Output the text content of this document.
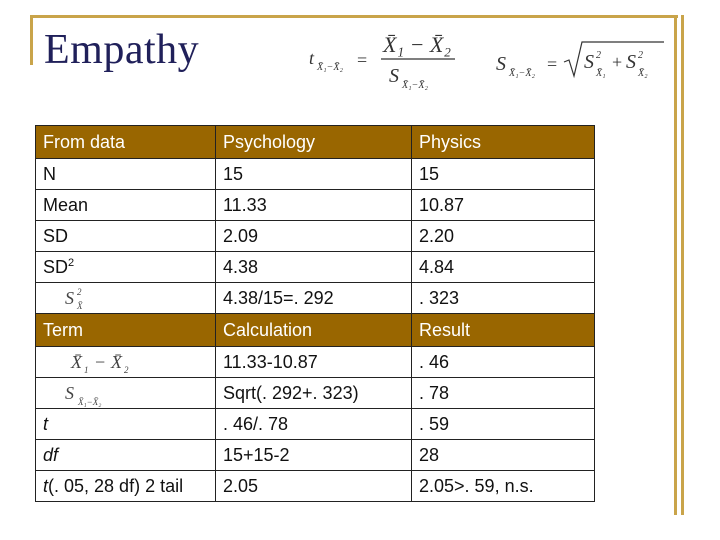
Empathy	t X̄₁−X̄₂ =
X̄₁ − X̄₂
S X̄₁−X̄₂
S X̄₁−X̄₂ = S 2
X̄₁
+ S 2
X̄₂
From data	Psychology	Physics
N	15	15
Mean	11.33	10.87
SD	2.09	2.20
$SD^2$	4.38	4.84

S 2
X̄	4.38/15=. 292	. 323
Term	Calculation	Result

X̄ 1 − X̄ 2	11.33-10.87	. 46

S X̄₁−X̄₂	Sqrt(. 292+. 323)	. 78
t	. 46/. 78	. 59
df	15+15-2	28
t(. 05, 28 df) 2 tail	2.05	2.05>. 59, n.s.
